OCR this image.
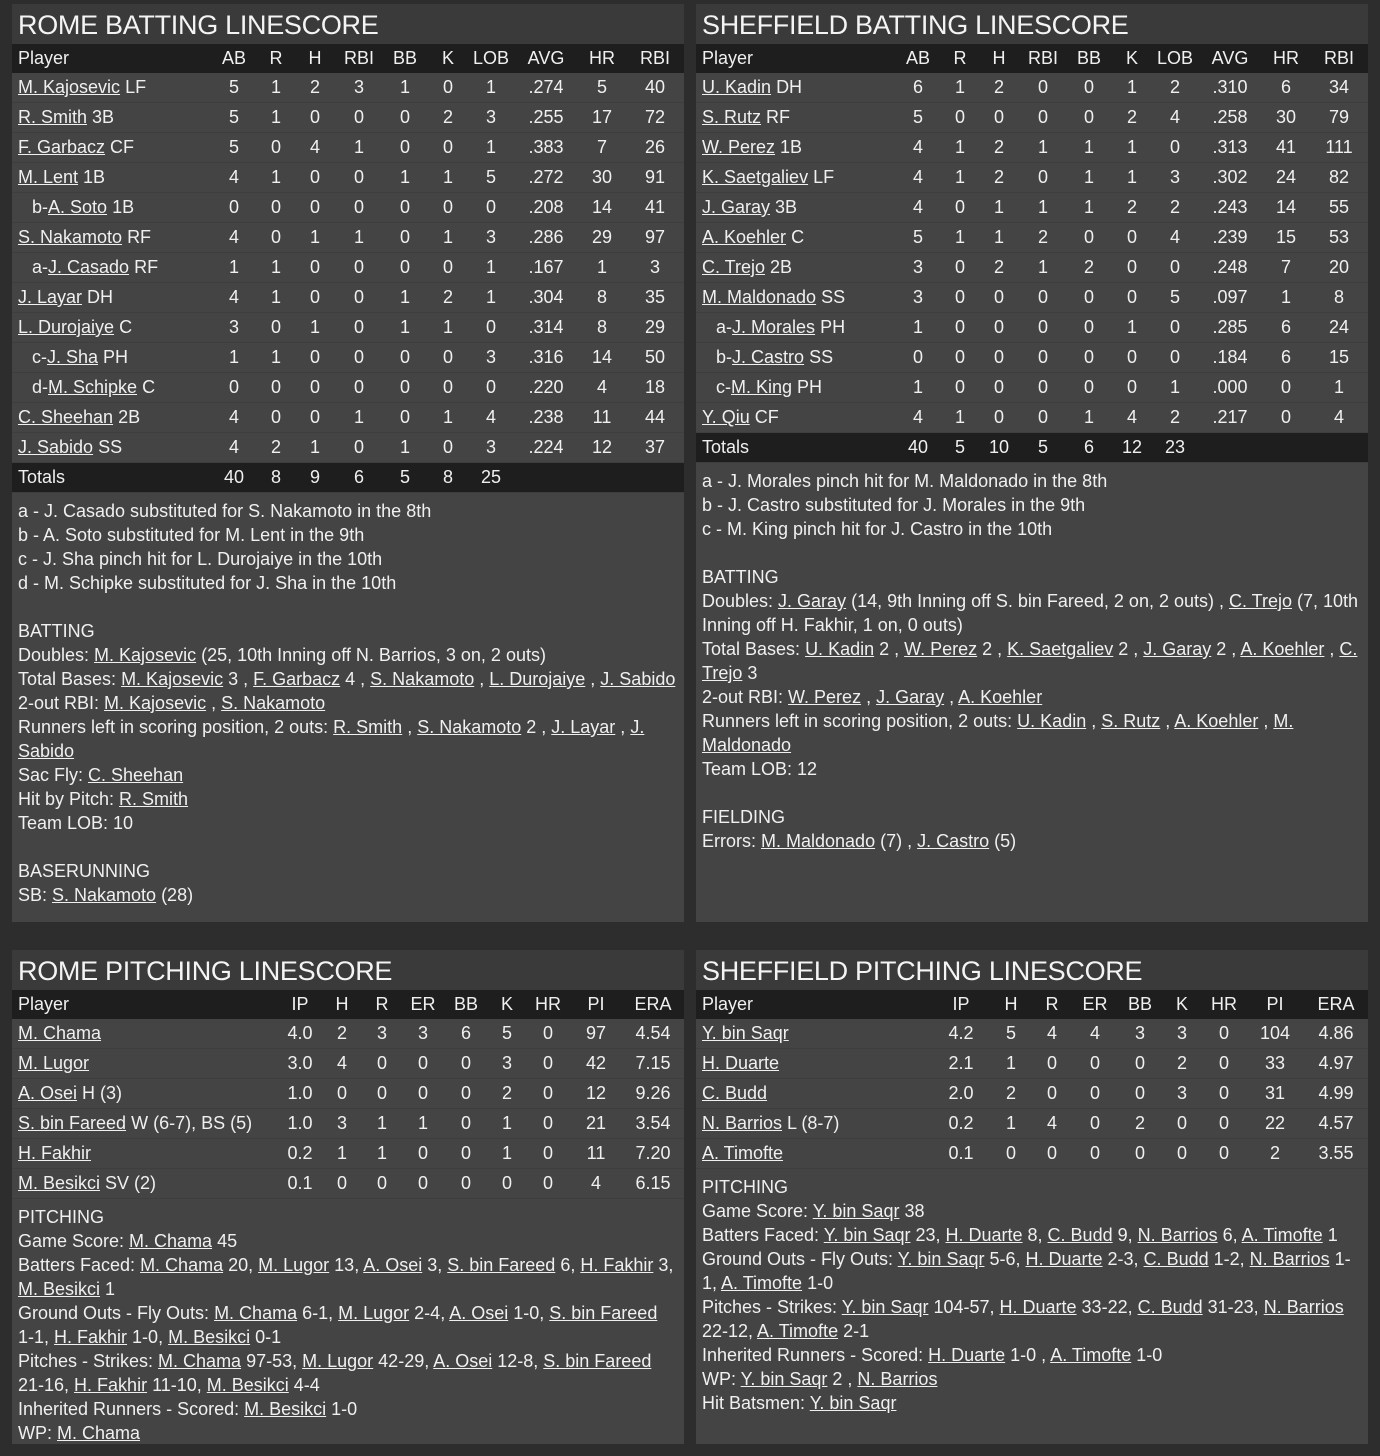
ROME BATTING LINESCORE
Player	AB	R	H	RBI	BB	K	LOB	AVG	HR	RBI
M. Kajosevic LF	5	1	2	3	1	0	1	.274	5	40
R. Smith 3B	5	1	0	0	0	2	3	.255	17	72
F. Garbacz CF	5	0	4	1	0	0	1	.383	7	26
M. Lent 1B	4	1	0	0	1	1	5	.272	30	91
b-A. Soto 1B	0	0	0	0	0	0	0	.208	14	41
S. Nakamoto RF	4	0	1	1	0	1	3	.286	29	97
a-J. Casado RF	1	1	0	0	0	0	1	.167	1	3
J. Layar DH	4	1	0	0	1	2	1	.304	8	35
L. Durojaiye C	3	0	1	0	1	1	0	.314	8	29
c-J. Sha PH	1	1	0	0	0	0	3	.316	14	50
d-M. Schipke C	0	0	0	0	0	0	0	.220	4	18
C. Sheehan 2B	4	0	0	1	0	1	4	.238	11	44
J. Sabido SS	4	2	1	0	1	0	3	.224	12	37
Totals	40	8	9	6	5	8	25			
a - J. Casado substituted for S. Nakamoto in the 8th
b - A. Soto substituted for M. Lent in the 9th
c - J. Sha pinch hit for L. Durojaiye in the 10th
d - M. Schipke substituted for J. Sha in the 10th
BATTING
Doubles: M. Kajosevic (25, 10th Inning off N. Barrios, 3 on, 2 outs)
Total Bases: M. Kajosevic 3 , F. Garbacz 4 , S. Nakamoto , L. Durojaiye , J. Sabido
2-out RBI: M. Kajosevic , S. Nakamoto
Runners left in scoring position, 2 outs: R. Smith , S. Nakamoto 2 , J. Layar , J. Sabido
Sac Fly: C. Sheehan
Hit by Pitch: R. Smith
Team LOB: 10
BASERUNNING
SB: S. Nakamoto (28)
SHEFFIELD BATTING LINESCORE
Player	AB	R	H	RBI	BB	K	LOB	AVG	HR	RBI
U. Kadin DH	6	1	2	0	0	1	2	.310	6	34
S. Rutz RF	5	0	0	0	0	2	4	.258	30	79
W. Perez 1B	4	1	2	1	1	1	0	.313	41	111
K. Saetgaliev LF	4	1	2	0	1	1	3	.302	24	82
J. Garay 3B	4	0	1	1	1	2	2	.243	14	55
A. Koehler C	5	1	1	2	0	0	4	.239	15	53
C. Trejo 2B	3	0	2	1	2	0	0	.248	7	20
M. Maldonado SS	3	0	0	0	0	0	5	.097	1	8
a-J. Morales PH	1	0	0	0	0	1	0	.285	6	24
b-J. Castro SS	0	0	0	0	0	0	0	.184	6	15
c-M. King PH	1	0	0	0	0	0	1	.000	0	1
Y. Qiu CF	4	1	0	0	1	4	2	.217	0	4
Totals	40	5	10	5	6	12	23			
a - J. Morales pinch hit for M. Maldonado in the 8th
b - J. Castro substituted for J. Morales in the 9th
c - M. King pinch hit for J. Castro in the 10th
BATTING
Doubles: J. Garay (14, 9th Inning off S. bin Fareed, 2 on, 2 outs) , C. Trejo (7, 10th Inning off H. Fakhir, 1 on, 0 outs)
Total Bases: U. Kadin 2 , W. Perez 2 , K. Saetgaliev 2 , J. Garay 2 , A. Koehler , C. Trejo 3
2-out RBI: W. Perez , J. Garay , A. Koehler
Runners left in scoring position, 2 outs: U. Kadin , S. Rutz , A. Koehler , M. Maldonado
Team LOB: 12
FIELDING
Errors: M. Maldonado (7) , J. Castro (5)
ROME PITCHING LINESCORE
Player	IP	H	R	ER	BB	K	HR	PI	ERA
M. Chama	4.0	2	3	3	6	5	0	97	4.54
M. Lugor	3.0	4	0	0	0	3	0	42	7.15
A. Osei H (3)	1.0	0	0	0	0	2	0	12	9.26
S. bin Fareed W (6-7), BS (5)	1.0	3	1	1	0	1	0	21	3.54
H. Fakhir	0.2	1	1	0	0	1	0	11	7.20
M. Besikci SV (2)	0.1	0	0	0	0	0	0	4	6.15
PITCHING
Game Score: M. Chama 45
Batters Faced: M. Chama 20, M. Lugor 13, A. Osei 3, S. bin Fareed 6, H. Fakhir 3, M. Besikci 1
Ground Outs - Fly Outs: M. Chama 6-1, M. Lugor 2-4, A. Osei 1-0, S. bin Fareed 1-1, H. Fakhir 1-0, M. Besikci 0-1
Pitches - Strikes: M. Chama 97-53, M. Lugor 42-29, A. Osei 12-8, S. bin Fareed 21-16, H. Fakhir 11-10, M. Besikci 4-4
Inherited Runners - Scored: M. Besikci 1-0
WP: M. Chama
SHEFFIELD PITCHING LINESCORE
Player	IP	H	R	ER	BB	K	HR	PI	ERA
Y. bin Saqr	4.2	5	4	4	3	3	0	104	4.86
H. Duarte	2.1	1	0	0	0	2	0	33	4.97
C. Budd	2.0	2	0	0	0	3	0	31	4.99
N. Barrios L (8-7)	0.2	1	4	0	2	0	0	22	4.57
A. Timofte	0.1	0	0	0	0	0	0	2	3.55
PITCHING
Game Score: Y. bin Saqr 38
Batters Faced: Y. bin Saqr 23, H. Duarte 8, C. Budd 9, N. Barrios 6, A. Timofte 1
Ground Outs - Fly Outs: Y. bin Saqr 5-6, H. Duarte 2-3, C. Budd 1-2, N. Barrios 1-1, A. Timofte 1-0
Pitches - Strikes: Y. bin Saqr 104-57, H. Duarte 33-22, C. Budd 31-23, N. Barrios 22-12, A. Timofte 2-1
Inherited Runners - Scored: H. Duarte 1-0 , A. Timofte 1-0
WP: Y. bin Saqr 2 , N. Barrios
Hit Batsmen: Y. bin Saqr
